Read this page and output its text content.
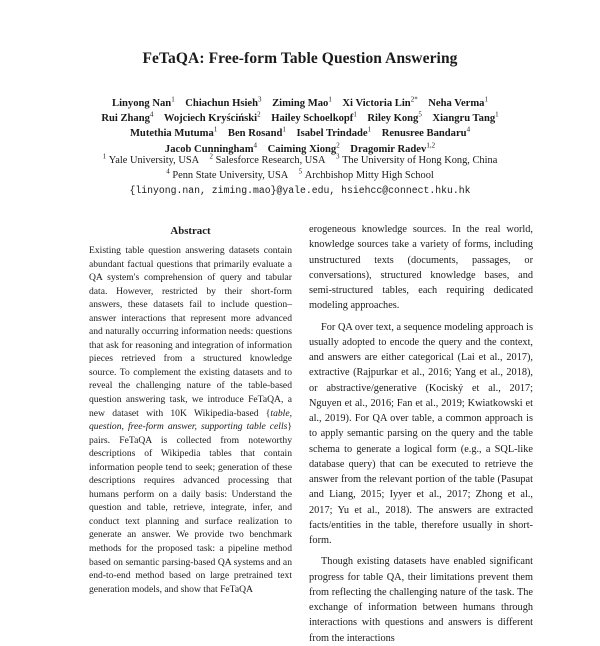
FeTaQA: Free-form Table Question Answering
Linyong Nan$^1$ Chiachun Hsieh$^3$ Ziming Mao$^1$ Xi Victoria Lin$^{2*}$ Neha Verma$^1$
Rui Zhang$^4$ Wojciech Kryściński$^2$ Hailey Schoelkopf$^1$ Riley Kong$^5$ Xiangru Tang$^1$
Mutethia Mutuma$^1$ Ben Rosand$^1$ Isabel Trindade$^1$ Renusree Bandaru$^4$
Jacob Cunningham$^4$ Caiming Xiong$^2$ Dragomir Radev$^{1,2}$
$^1$ Yale University, USA $^2$ Salesforce Research, USA $^3$ The University of Hong Kong, China
$^4$ Penn State University, USA $^5$ Archbishop Mitty High School
{linyong.nan, ziming.mao}@yale.edu, hsiehcc@connect.hku.hk
Abstract

Existing table question answering datasets contain abundant factual questions that primarily evaluate a QA system's comprehension of query and tabular data. However, restricted by their short-form answers, these datasets fail to include question–answer interactions that represent more advanced and naturally occurring information needs: questions that ask for reasoning and integration of information pieces retrieved from a structured knowledge source. To complement the existing datasets and to reveal the challenging nature of the table-based question answering task, we introduce FeTaQA, a new dataset with 10K Wikipedia-based {table, question, free-form answer, supporting table cells} pairs. FeTaQA is collected from noteworthy descriptions of Wikipedia tables that contain information people tend to seek; generation of these descriptions requires advanced processing that humans perform on a daily basis: Understand the question and table, retrieve, integrate, infer, and conduct text planning and surface realization to generate an answer. We provide two benchmark methods for the proposed task: a pipeline method based on semantic parsing-based QA systems and an end-to-end method based on large pretrained text generation models, and show that FeTaQA

erogeneous knowledge sources. In the real world, knowledge sources take a variety of forms, including unstructured texts (documents, passages, or conversations), structured knowledge bases, and semi-structured tables, each requiring dedicated modeling approaches.

For QA over text, a sequence modeling approach is usually adopted to encode the query and the context, and answers are either categorical (Lai et al., 2017), extractive (Rajpurkar et al., 2016; Yang et al., 2018), or abstractive/generative (Kociský et al., 2017; Nguyen et al., 2016; Fan et al., 2019; Kwiatkowski et al., 2019). For QA over table, a common approach is to apply semantic parsing on the query and the table schema to generate a logical form (e.g., a SQL-like database query) that can be executed to retrieve the answer from the relevant portion of the table (Pasupat and Liang, 2015; Iyyer et al., 2017; Zhong et al., 2017; Yu et al., 2018). The answers are extracted facts/entities in the table, therefore usually in short-form.

Though existing datasets have enabled significant progress for table QA, their limitations prevent them from reflecting the challenging nature of the task. The exchange of information between humans through interactions with questions and answers is different from the interactions
